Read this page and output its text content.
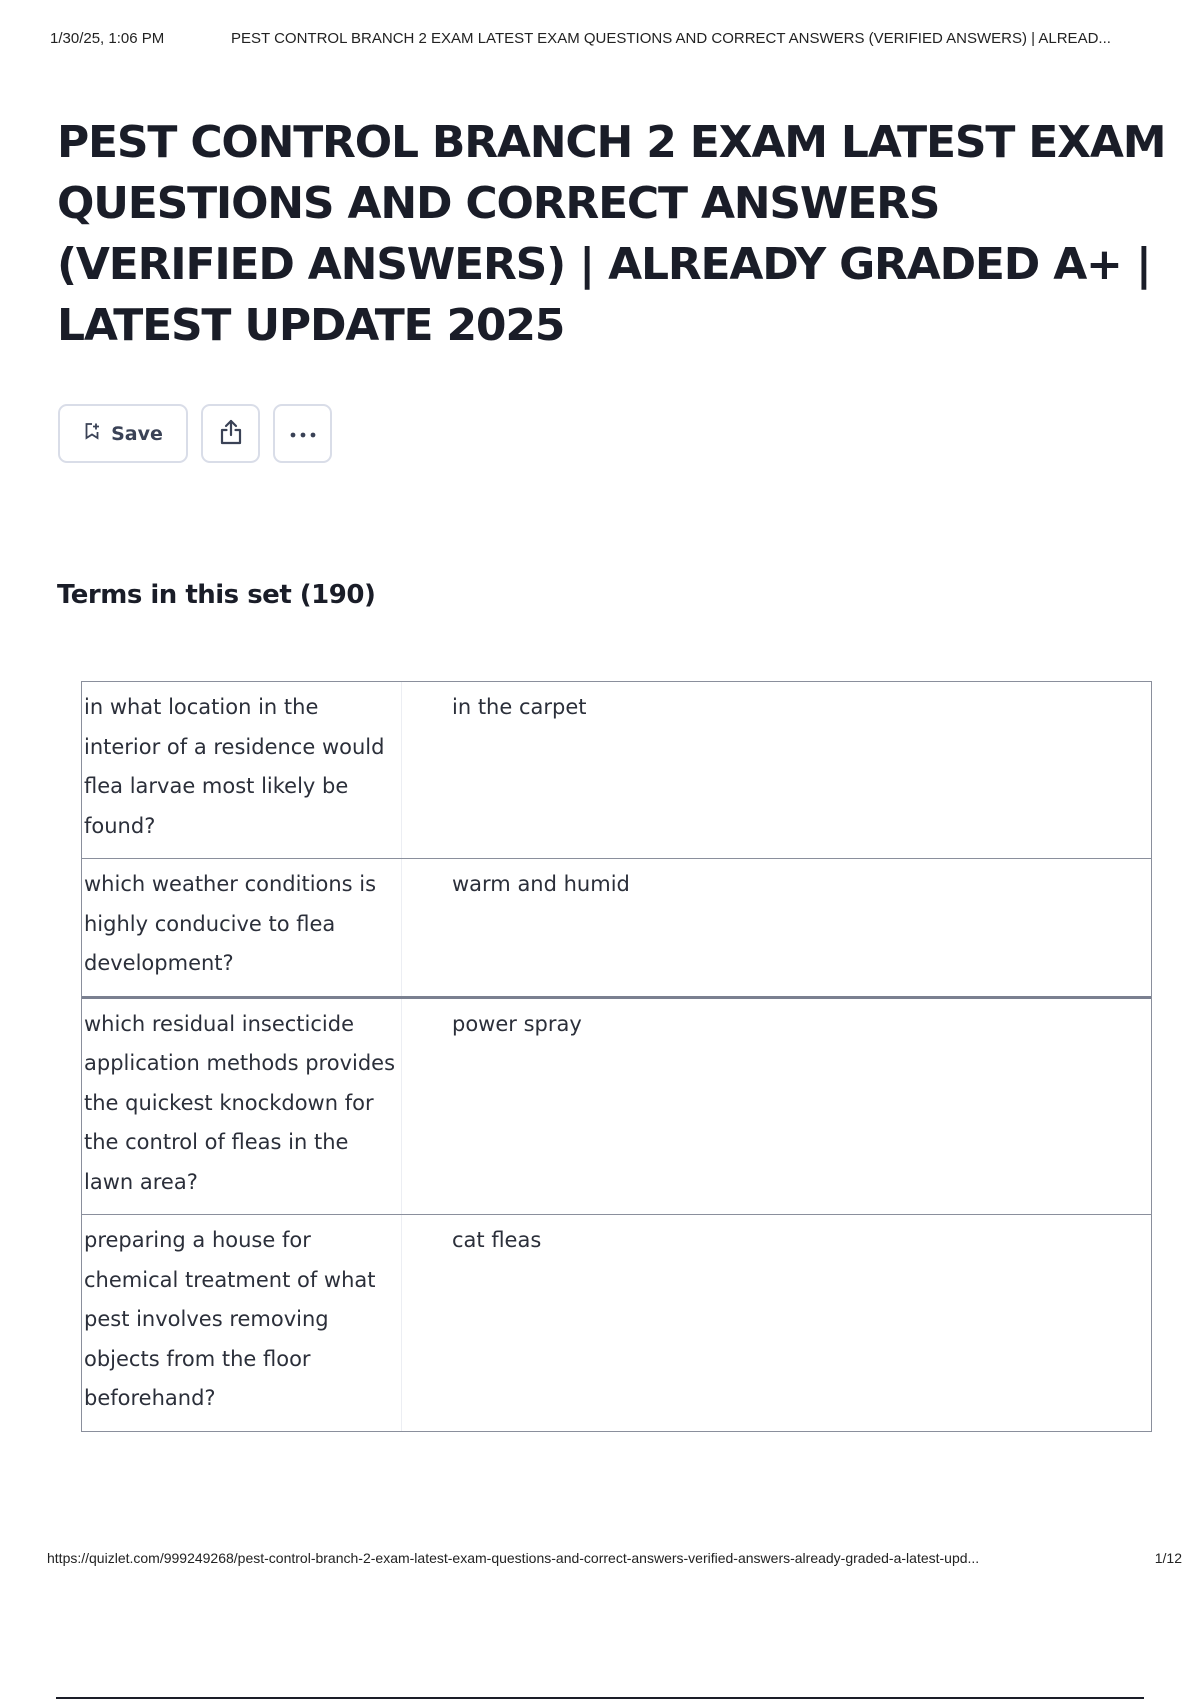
1/30/25, 1:06 PM	PEST CONTROL BRANCH 2 EXAM LATEST EXAM QUESTIONS AND CORRECT ANSWERS (VERIFIED ANSWERS) | ALREAD...
PEST CONTROL BRANCH 2 EXAM LATEST EXAM QUESTIONS AND CORRECT ANSWERS (VERIFIED ANSWERS) | ALREADY GRADED A+ | LATEST UPDATE 2025
Save
Terms in this set (190)
in what location in the interior of a residence would flea larvae most likely be found?
in the carpet
which weather conditions is highly conducive to flea development?
warm and humid
which residual insecticide application methods provides the quickest knockdown for the control of fleas in the lawn area?
power spray
preparing a house for chemical treatment of what pest involves removing objects from the floor beforehand?
cat fleas
https://quizlet.com/999249268/pest-control-branch-2-exam-latest-exam-questions-and-correct-answers-verified-answers-already-graded-a-latest-upd...	1/12
